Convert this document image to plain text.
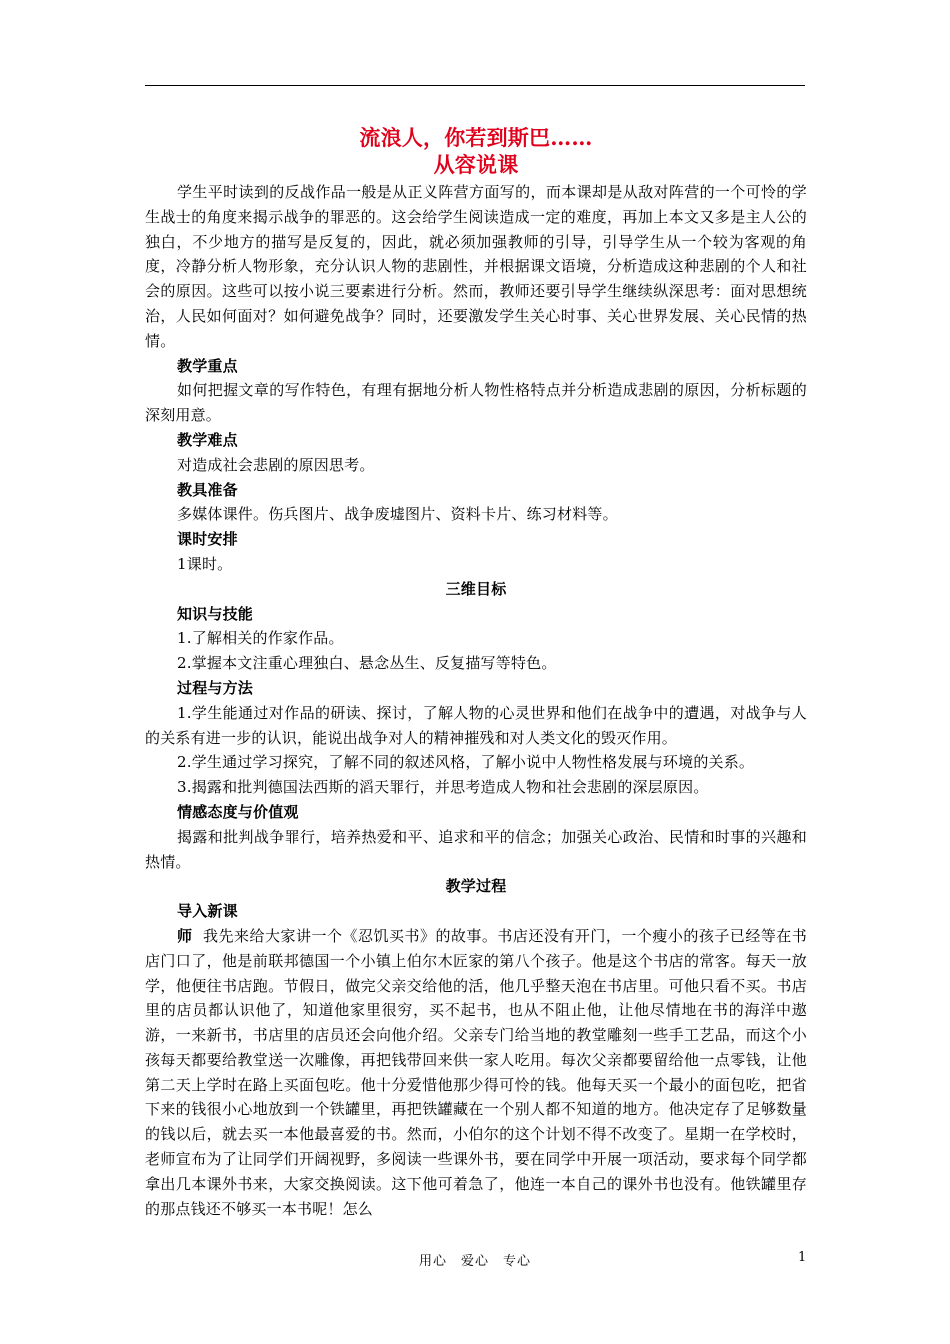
流浪人，你若到斯巴……

从容说课

学生平时读到的反战作品一般是从正义阵营方面写的，而本课却是从敌对阵营的一个可怜的学生战士的角度来揭示战争的罪恶的。这会给学生阅读造成一定的难度，再加上本文又多是主人公的独白，不少地方的描写是反复的，因此，就必须加强教师的引导，引导学生从一个较为客观的角度，冷静分析人物形象，充分认识人物的悲剧性，并根据课文语境，分析造成这种悲剧的个人和社会的原因。这些可以按小说三要素进行分析。然而，教师还要引导学生继续纵深思考：面对思想统治，人民如何面对？如何避免战争？同时，还要激发学生关心时事、关心世界发展、关心民情的热情。

教学重点

如何把握文章的写作特色，有理有据地分析人物性格特点并分析造成悲剧的原因，分析标题的深刻用意。

教学难点

对造成社会悲剧的原因思考。

教具准备

多媒体课件。伤兵图片、战争废墟图片、资料卡片、练习材料等。

课时安排

1课时。

三维目标

知识与技能

1.了解相关的作家作品。

2.掌握本文注重心理独白、悬念丛生、反复描写等特色。

过程与方法

1.学生能通过对作品的研读、探讨，了解人物的心灵世界和他们在战争中的遭遇，对战争与人的关系有进一步的认识，能说出战争对人的精神摧残和对人类文化的毁灭作用。

2.学生通过学习探究，了解不同的叙述风格，了解小说中人物性格发展与环境的关系。

3.揭露和批判德国法西斯的滔天罪行，并思考造成人物和社会悲剧的深层原因。

情感态度与价值观

揭露和批判战争罪行，培养热爱和平、追求和平的信念；加强关心政治、民情和时事的兴趣和热情。

教学过程

导入新课

师 我先来给大家讲一个《忍饥买书》的故事。书店还没有开门，一个瘦小的孩子已经等在书店门口了，他是前联邦德国一个小镇上伯尔木匠家的第八个孩子。他是这个书店的常客。每天一放学，他便往书店跑。节假日，做完父亲交给他的活，他几乎整天泡在书店里。可他只看不买。书店里的店员都认识他了，知道他家里很穷，买不起书，也从不阻止他，让他尽情地在书的海洋中遨游，一来新书，书店里的店员还会向他介绍。父亲专门给当地的教堂雕刻一些手工艺品，而这个小孩每天都要给教堂送一次雕像，再把钱带回来供一家人吃用。每次父亲都要留给他一点零钱，让他第二天上学时在路上买面包吃。他十分爱惜他那少得可怜的钱。他每天买一个最小的面包吃，把省下来的钱很小心地放到一个铁罐里，再把铁罐藏在一个别人都不知道的地方。他决定存了足够数量的钱以后，就去买一本他最喜爱的书。然而，小伯尔的这个计划不得不改变了。星期一在学校时，老师宣布为了让同学们开阔视野，多阅读一些课外书，要在同学中开展一项活动，要求每个同学都拿出几本课外书来，大家交换阅读。这下他可着急了，他连一本自己的课外书也没有。他铁罐里存的那点钱还不够买一本书呢！怎么

用心　爱心　专心	1
